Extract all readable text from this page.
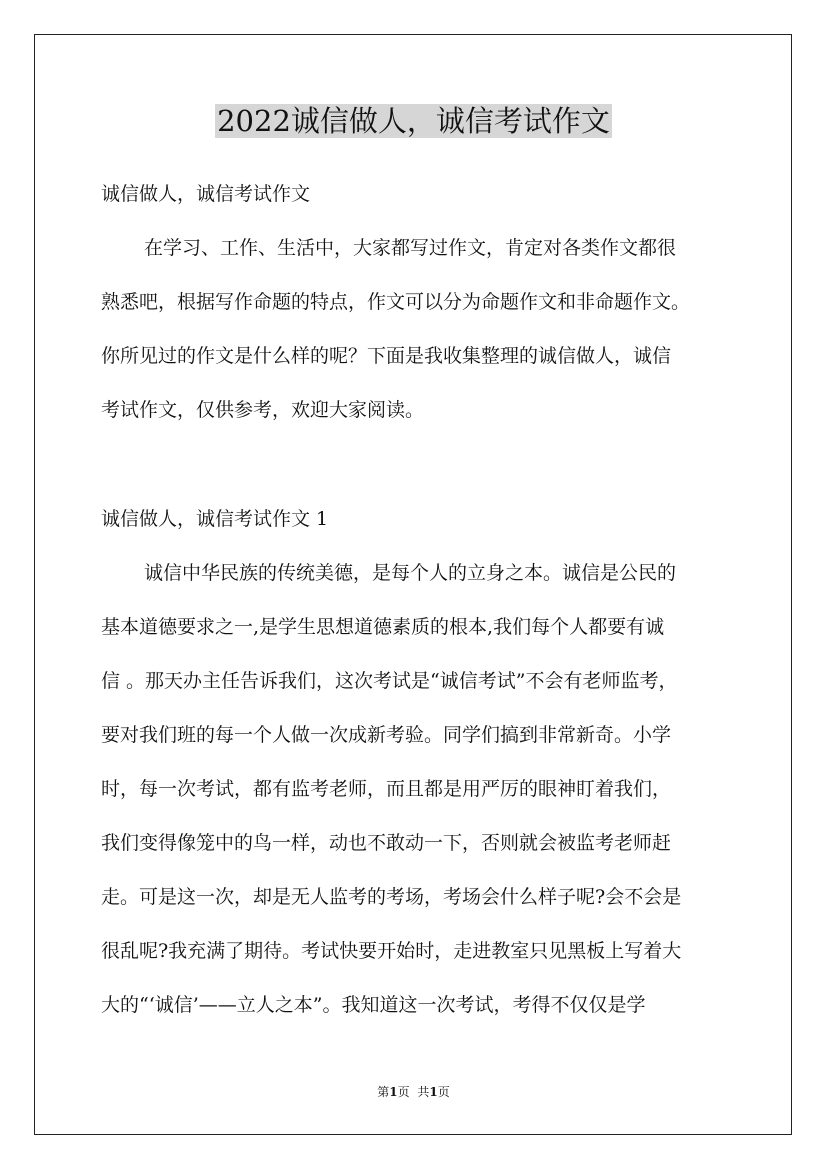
2022诚信做人，诚信考试作文

诚信做人，诚信考试作文

在学习、工作、生活中，大家都写过作文，肯定对各类作文都很
熟悉吧，根据写作命题的特点，作文可以分为命题作文和非命题作文。
你所见过的作文是什么样的呢？下面是我收集整理的诚信做人，诚信
考试作文，仅供参考，欢迎大家阅读。

诚信做人，诚信考试作文 1

诚信中华民族的传统美德，是每个人的立身之本。诚信是公民的
基本道德要求之一,是学生思想道德素质的根本,我们每个人都要有诚
信 。那天办主任告诉我们，这次考试是“诚信考试”不会有老师监考，
要对我们班的每一个人做一次成新考验。同学们搞到非常新奇。小学
时，每一次考试，都有监考老师，而且都是用严厉的眼神盯着我们，
我们变得像笼中的鸟一样，动也不敢动一下，否则就会被监考老师赶
走。可是这一次，却是无人监考的考场，考场会什么样子呢?会不会是
很乱呢?我充满了期待。考试快要开始时，走进教室只见黑板上写着大
大的“‘诚信’——立人之本”。我知道这一次考试，考得不仅仅是学
第1页 共1页
